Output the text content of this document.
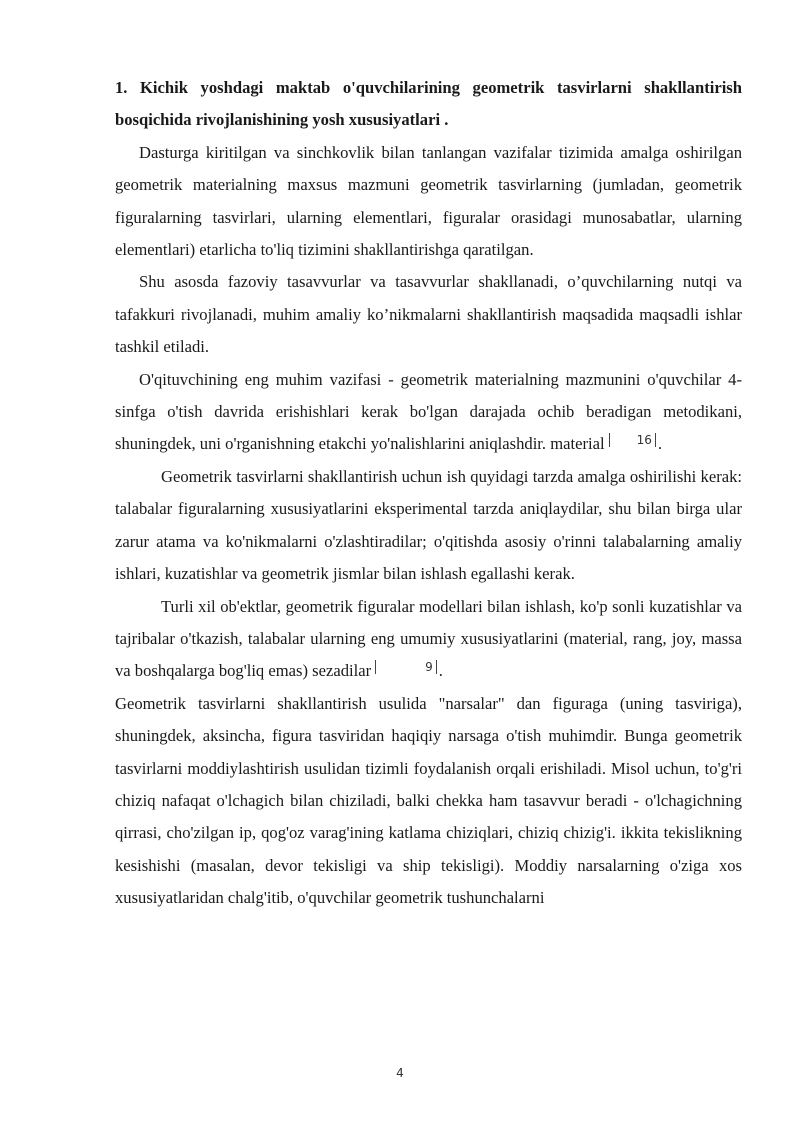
1. Kichik yoshdagi maktab o'quvchilarining geometrik tasvirlarni shakllantirish bosqichida rivojlanishining yosh xususiyatlari .

Dasturga kiritilgan va sinchkovlik bilan tanlangan vazifalar tizimida amalga oshirilgan geometrik materialning maxsus mazmuni geometrik tasvirlarning (jumladan, geometrik figuralarning tasvirlari, ularning elementlari, figuralar orasidagi munosabatlar, ularning elementlari) etarlicha to'liq tizimini shakllantirishga qaratilgan.

Shu asosda fazoviy tasavvurlar va tasavvurlar shakllanadi, o’quvchilarning nutqi va tafakkuri rivojlanadi, muhim amaliy ko’nikmalarni shakllantirish maqsadida maqsadli ishlar tashkil etiladi.

O'qituvchining eng muhim vazifasi - geometrik materialning mazmunini o'quvchilar 4-sinfga o'tish davrida erishishlari kerak bo'lgan darajada ochib beradigan metodikani, shuningdek, uni o'rganishning etakchi yo'nalishlarini aniqlashdir. material	16 .

Geometrik tasvirlarni shakllantirish uchun ish quyidagi tarzda amalga oshirilishi kerak: talabalar figuralarning xususiyatlarini eksperimental tarzda aniqlaydilar, shu bilan birga ular zarur atama va ko'nikmalarni o'zlashtiradilar; o'qitishda asosiy o'rinni talabalarning amaliy ishlari, kuzatishlar va geometrik jismlar bilan ishlash egallashi kerak.

Turli xil ob'ektlar, geometrik figuralar modellari bilan ishlash, ko'p sonli kuzatishlar va tajribalar o'tkazish, talabalar ularning eng umumiy xususiyatlarini (material, rang, joy, massa va boshqalarga bog'liq emas) sezadilar	9 .

Geometrik tasvirlarni shakllantirish usulida "narsalar" dan figuraga (uning tasviriga), shuningdek, aksincha, figura tasviridan haqiqiy narsaga o'tish muhimdir. Bunga geometrik tasvirlarni moddiylashtirish usulidan tizimli foydalanish orqali erishiladi. Misol uchun, to'g'ri chiziq nafaqat o'lchagich bilan chiziladi, balki chekka ham tasavvur beradi - o'lchagichning qirrasi, cho'zilgan ip, qog'oz varag'ining katlama chiziqlari, chiziq chizig'i. ikkita tekislikning kesishishi (masalan, devor tekisligi va ship tekisligi). Moddiy narsalarning o'ziga xos xususiyatlaridan chalg'itib, o'quvchilar geometrik tushunchalarni

4
